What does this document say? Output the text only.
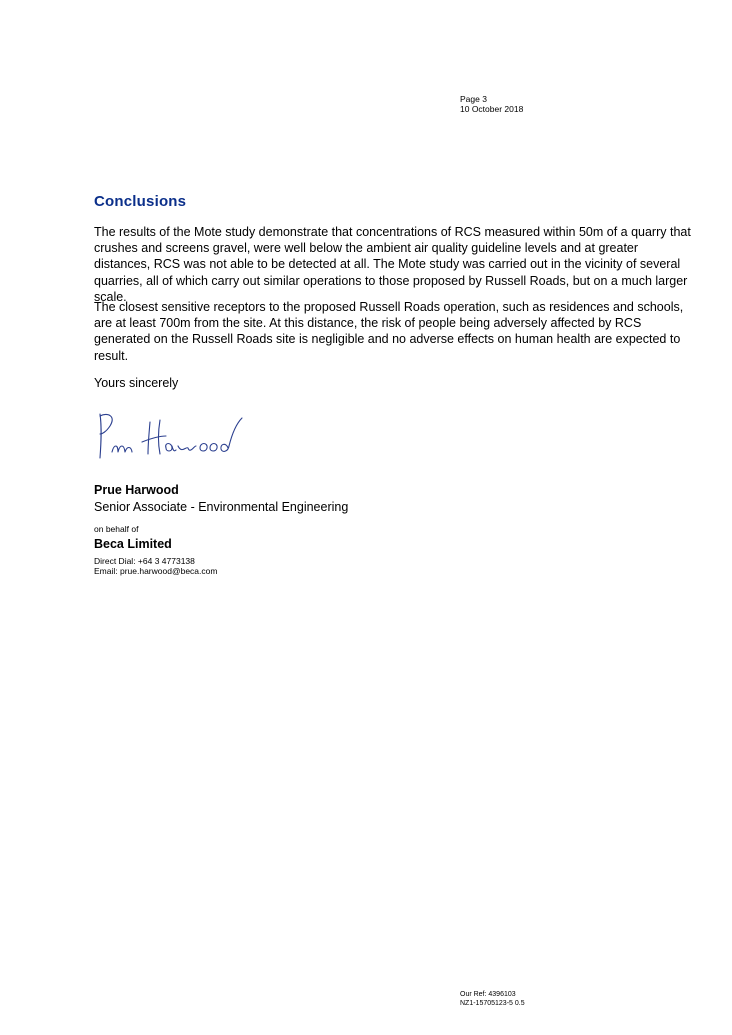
Page 3
10 October 2018
Conclusions

The results of the Mote study demonstrate that concentrations of RCS measured within 50m of a quarry that crushes and screens gravel, were well below the ambient air quality guideline levels and at greater distances, RCS was not able to be detected at all. The Mote study was carried out in the vicinity of several quarries, all of which carry out similar operations to those proposed by Russell Roads, but on a much larger scale.

The closest sensitive receptors to the proposed Russell Roads operation, such as residences and schools, are at least 700m from the site. At this distance, the risk of people being adversely affected by RCS generated on the Russell Roads site is negligible and no adverse effects on human health are expected to result.

Yours sincerely
Prue Harwood
Senior Associate - Environmental Engineering
on behalf of
Beca Limited
Direct Dial: +64 3 4773138
Email: prue.harwood@beca.com
Our Ref: 4396103
NZ1-15705123-5 0.5
